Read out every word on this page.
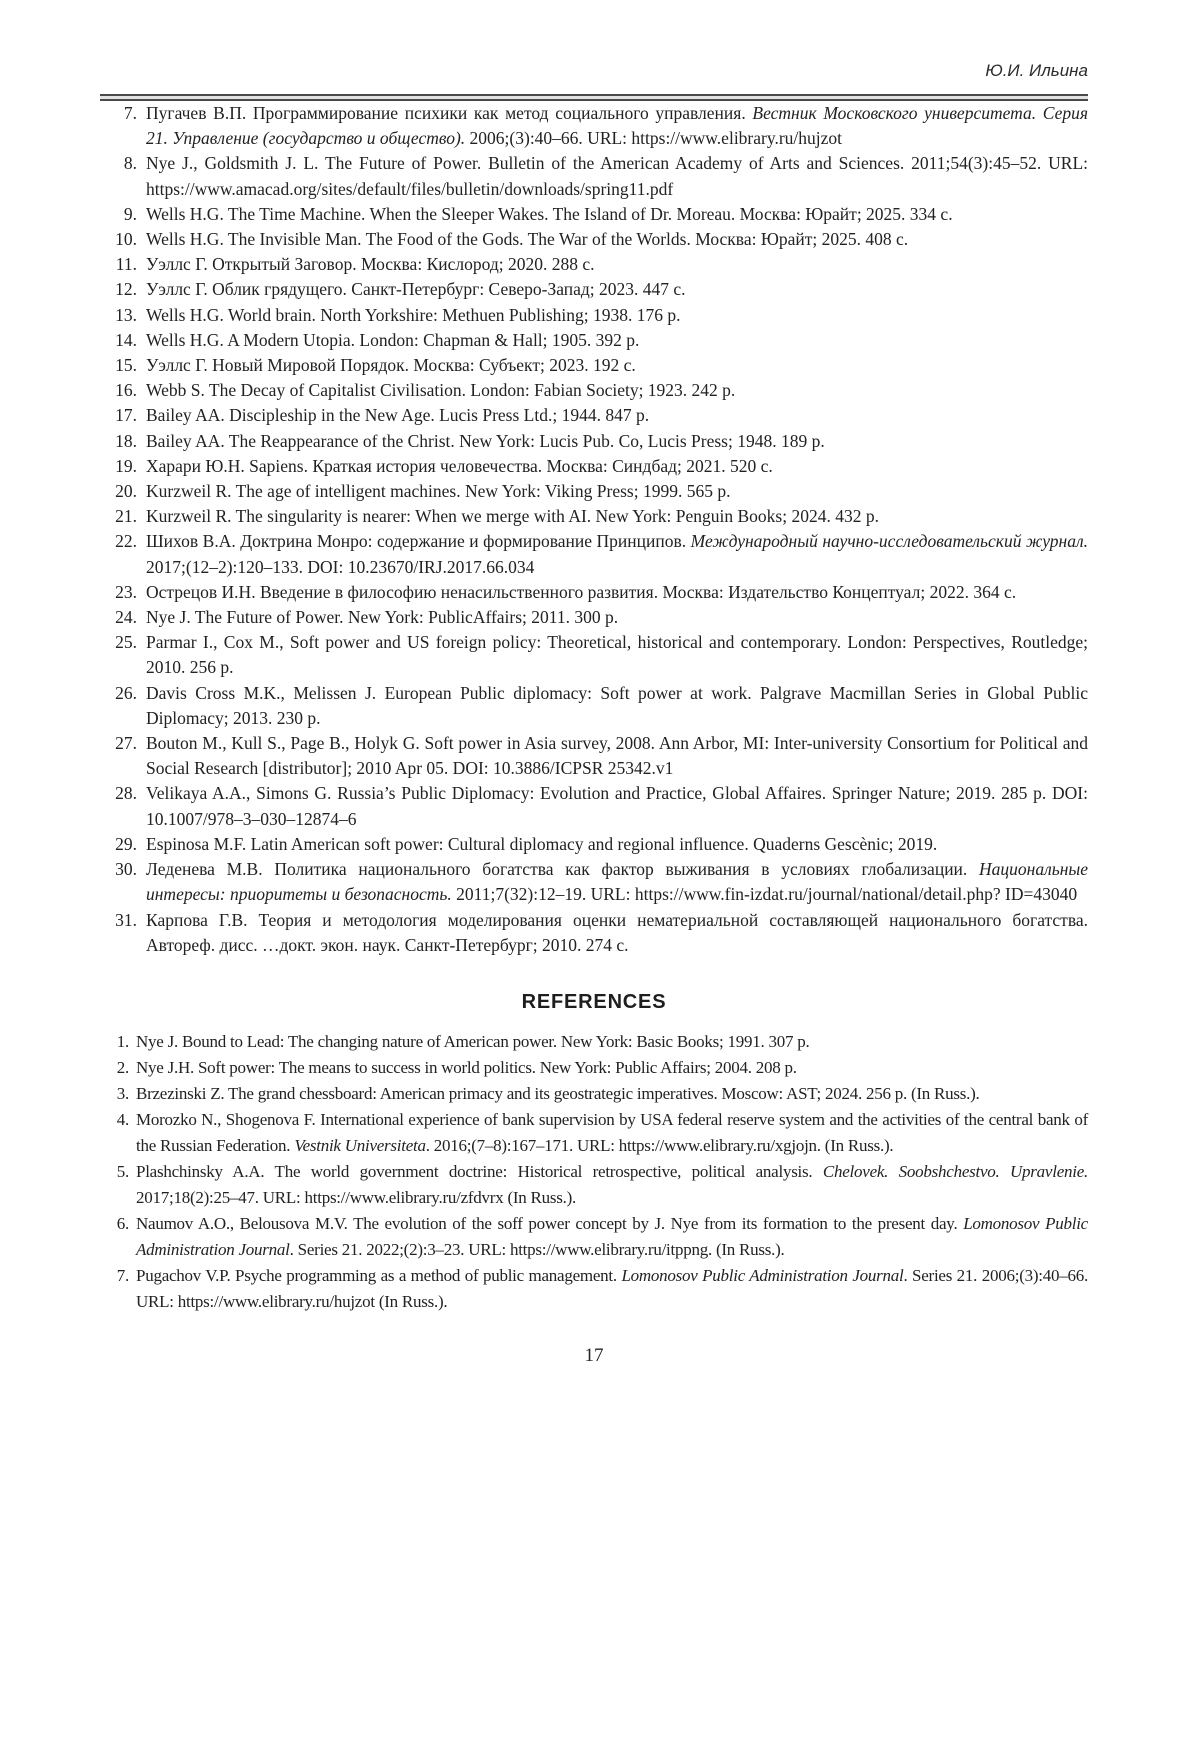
Ю.И. Ильина
7. Пугачев В.П. Программирование психики как метод социального управления. Вестник Московского университета. Серия 21. Управление (государство и общество). 2006;(3):40–66. URL: https://www.elibrary.ru/hujzot
8. Nye J., Goldsmith J. L. The Future of Power. Bulletin of the American Academy of Arts and Sciences. 2011;54(3):45–52. URL: https://www.amacad.org/sites/default/files/bulletin/downloads/spring11.pdf
9. Wells H.G. The Time Machine. When the Sleeper Wakes. The Island of Dr. Moreau. Москва: Юрайт; 2025. 334 с.
10. Wells H.G. The Invisible Man. The Food of the Gods. The War of the Worlds. Москва: Юрайт; 2025. 408 с.
11. Уэллс Г. Открытый Заговор. Москва: Кислород; 2020. 288 с.
12. Уэллс Г. Облик грядущего. Санкт-Петербург: Северо-Запад; 2023. 447 с.
13. Wells H.G. World brain. North Yorkshire: Methuen Publishing; 1938. 176 p.
14. Wells H.G. A Modern Utopia. London: Chapman & Hall; 1905. 392 p.
15. Уэллс Г. Новый Мировой Порядок. Москва: Субъект; 2023. 192 с.
16. Webb S. The Decay of Capitalist Civilisation. London: Fabian Society; 1923. 242 p.
17. Bailey AA. Discipleship in the New Age. Lucis Press Ltd.; 1944. 847 p.
18. Bailey AA. The Reappearance of the Christ. New York: Lucis Pub. Co, Lucis Press; 1948. 189 p.
19. Харари Ю.Н. Sapiens. Краткая история человечества. Москва: Синдбад; 2021. 520 с.
20. Kurzweil R. The age of intelligent machines. New York: Viking Press; 1999. 565 p.
21. Kurzweil R. The singularity is nearer: When we merge with AI. New York: Penguin Books; 2024. 432 p.
22. Шихов В.А. Доктрина Монро: содержание и формирование Принципов. Международный научно-исследовательский журнал. 2017;(12–2):120–133. DOI: 10.23670/IRJ.2017.66.034
23. Острецов И.Н. Введение в философию ненасильственного развития. Москва: Издательство Концептуал; 2022. 364 с.
24. Nye J. The Future of Power. New York: PublicAffairs; 2011. 300 p.
25. Parmar I., Cox M., Soft power and US foreign policy: Theoretical, historical and contemporary. London: Perspectives, Routledge; 2010. 256 p.
26. Davis Cross M.K., Melissen J. European Public diplomacy: Soft power at work. Palgrave Macmillan Series in Global Public Diplomacy; 2013. 230 p.
27. Bouton M., Kull S., Page B., Holyk G. Soft power in Asia survey, 2008. Ann Arbor, MI: Inter-university Consortium for Political and Social Research [distributor]; 2010 Apr 05. DOI: 10.3886/ICPSR 25342.v1
28. Velikaya A.A., Simons G. Russia’s Public Diplomacy: Evolution and Practice, Global Affaires. Springer Nature; 2019. 285 p. DOI: 10.1007/978–3–030–12874–6
29. Espinosa M.F. Latin American soft power: Cultural diplomacy and regional influence. Quaderns Gescènic; 2019.
30. Леденева М.В. Политика национального богатства как фактор выживания в условиях глобализации. Национальные интересы: приоритеты и безопасность. 2011;7(32):12–19. URL: https://www.fin-izdat.ru/journal/national/detail.php? ID=43040
31. Карпова Г.В. Теория и методология моделирования оценки нематериальной составляющей национального богатства. Автореф. дисс. …докт. экон. наук. Санкт-Петербург; 2010. 274 с.
REFERENCES
1. Nye J. Bound to Lead: The changing nature of American power. New York: Basic Books; 1991. 307 p.
2. Nye J.H. Soft power: The means to success in world politics. New York: Public Affairs; 2004. 208 p.
3. Brzezinski Z. The grand chessboard: American primacy and its geostrategic imperatives. Moscow: AST; 2024. 256 p. (In Russ.).
4. Morozko N., Shogenova F. International experience of bank supervision by USA federal reserve system and the activities of the central bank of the Russian Federation. Vestnik Universiteta. 2016;(7–8):167–171. URL: https://www.elibrary.ru/xgjojn. (In Russ.).
5. Plashchinsky A.A. The world government doctrine: Historical retrospective, political analysis. Chelovek. Soobshchestvo. Upravlenie. 2017;18(2):25–47. URL: https://www.elibrary.ru/zfdvrx (In Russ.).
6. Naumov A.O., Belousova M.V. The evolution of the soff power concept by J. Nye from its formation to the present day. Lomonosov Public Administration Journal. Series 21. 2022;(2):3–23. URL: https://www.elibrary.ru/itppng. (In Russ.).
7. Pugachov V.P. Psyche programming as a method of public management. Lomonosov Public Administration Journal. Series 21. 2006;(3):40–66. URL: https://www.elibrary.ru/hujzot (In Russ.).
17
